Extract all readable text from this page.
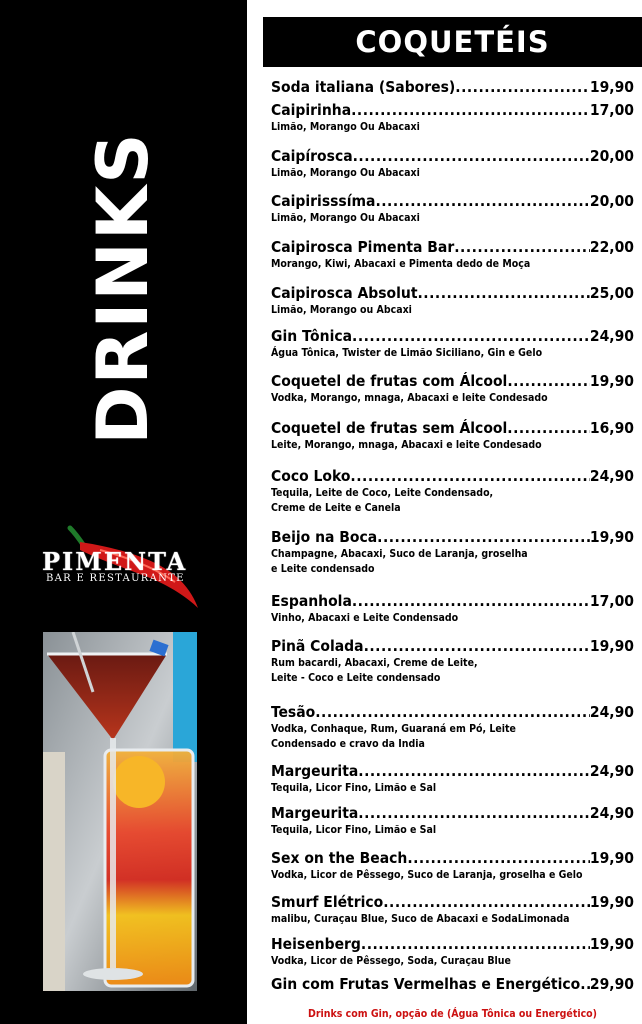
DRINKS
PIMENTA
BAR E RESTAURANTE
COQUETÉIS
Soda italiana (Sabores) .....	19,90
Caipirinha .....	17,00
Limão, Morango Ou Abacaxi
Caipírosca .....	20,00
Limão, Morango Ou Abacaxi
Caipirisssíma .....	20,00
Limão, Morango Ou Abacaxi
Caipirosca Pimenta Bar .....	22,00
Morango, Kiwi, Abacaxi e Pimenta dedo de Moça
Caipirosca Absolut .....	25,00
Limão, Morango ou Abcaxi
Gin Tônica .....	24,90
Água Tônica, Twister de Limão Siciliano, Gin e Gelo
Coquetel de frutas com Álcool .....	19,90
Vodka, Morango, mnaga, Abacaxi e leite Condesado
Coquetel de frutas sem Álcool .....	16,90
Leite, Morango, mnaga, Abacaxi e leite Condesado
Coco Loko .....	24,90
Tequila, Leite de Coco, Leite Condensado,
Creme de Leite e Canela
Beijo na Boca .....	19,90
Champagne, Abacaxi, Suco de Laranja, groselha
e Leite condensado
Espanhola .....	17,00
Vinho, Abacaxi e Leite Condensado
Pinã Colada .....	19,90
Rum bacardi, Abacaxi, Creme de Leite,
Leite - Coco e Leite condensado
Tesão .....	24,90
Vodka, Conhaque, Rum, Guaraná em Pó, Leite
Condensado e cravo da India
Margeurita .....	24,90
Tequila, Licor Fino, Limão e Sal
Margeurita .....	24,90
Tequila, Licor Fino, Limão e Sal
Sex on the Beach .....	19,90
Vodka, Licor de Pêssego, Suco de Laranja, groselha e Gelo
Smurf Elétrico .....	19,90
malibu, Curaçau Blue, Suco de Abacaxi e SodaLimonada
Heisenberg .....	19,90
Vodka, Licor de Pêssego, Soda, Curaçau Blue
Gin com Frutas Vermelhas e Energético ..... 29,90
Drinks com Gin, opção de (Água Tônica ou Energético)
